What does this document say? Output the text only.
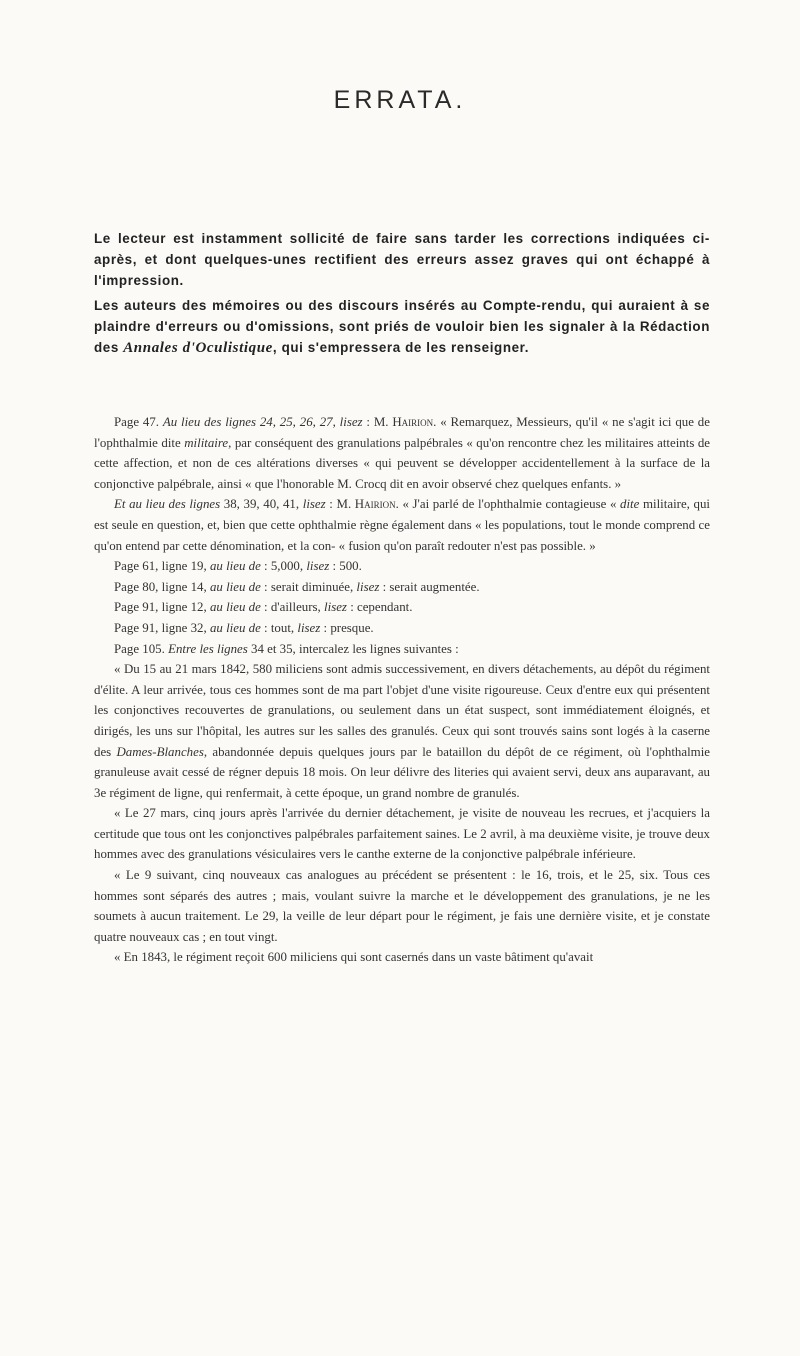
ERRATA.
Le lecteur est instamment sollicité de faire sans tarder les corrections indiquées ci-après, et dont quelques-unes rectifient des erreurs assez graves qui ont échappé à l'impression.
Les auteurs des mémoires ou des discours insérés au Compte-rendu, qui auraient à se plaindre d'erreurs ou d'omissions, sont priés de vouloir bien les signaler à la Rédaction des Annales d'Oculistique, qui s'empressera de les renseigner.

Page 47. Au lieu des lignes 24, 25, 26, 27, lisez : M. Hairion. « Remarquez, Messieurs, qu'il « ne s'agit ici que de l'ophthalmie dite militaire, par conséquent des granulations palpébrales « qu'on rencontre chez les militaires atteints de cette affection, et non de ces altérations diverses « qui peuvent se développer accidentellement à la surface de la conjonctive palpébrale, ainsi « que l'honorable M. Crocq dit en avoir observé chez quelques enfants. »

Et au lieu des lignes 38, 39, 40, 41, lisez : M. Hairion. « J'ai parlé de l'ophthalmie contagieuse « dite militaire, qui est seule en question, et, bien que cette ophthalmie règne également dans « les populations, tout le monde comprend ce qu'on entend par cette dénomination, et la con- « fusion qu'on paraît redouter n'est pas possible. »

Page 61, ligne 19, au lieu de : 5,000, lisez : 500.

Page 80, ligne 14, au lieu de : serait diminuée, lisez : serait augmentée.

Page 91, ligne 12, au lieu de : d'ailleurs, lisez : cependant.

Page 91, ligne 32, au lieu de : tout, lisez : presque.

Page 105. Entre les lignes 34 et 35, intercalez les lignes suivantes :

« Du 15 au 21 mars 1842, 580 miliciens sont admis successivement, en divers détachements, au dépôt du régiment d'élite. A leur arrivée, tous ces hommes sont de ma part l'objet d'une visite rigoureuse. Ceux d'entre eux qui présentent les conjonctives recouvertes de granulations, ou seulement dans un état suspect, sont immédiatement éloignés, et dirigés, les uns sur l'hôpital, les autres sur les salles des granulés. Ceux qui sont trouvés sains sont logés à la caserne des Dames-Blanches, abandonnée depuis quelques jours par le bataillon du dépôt de ce régiment, où l'ophthalmie granuleuse avait cessé de régner depuis 18 mois. On leur délivre des literies qui avaient servi, deux ans auparavant, au 3e régiment de ligne, qui renfermait, à cette époque, un grand nombre de granulés.

« Le 27 mars, cinq jours après l'arrivée du dernier détachement, je visite de nouveau les recrues, et j'acquiers la certitude que tous ont les conjonctives palpébrales parfaitement saines. Le 2 avril, à ma deuxième visite, je trouve deux hommes avec des granulations vésiculaires vers le canthe externe de la conjonctive palpébrale inférieure.

« Le 9 suivant, cinq nouveaux cas analogues au précédent se présentent : le 16, trois, et le 25, six. Tous ces hommes sont séparés des autres ; mais, voulant suivre la marche et le développement des granulations, je ne les soumets à aucun traitement. Le 29, la veille de leur départ pour le régiment, je fais une dernière visite, et je constate quatre nouveaux cas ; en tout vingt.

« En 1843, le régiment reçoit 600 miliciens qui sont casernés dans un vaste bâtiment qu'avait
